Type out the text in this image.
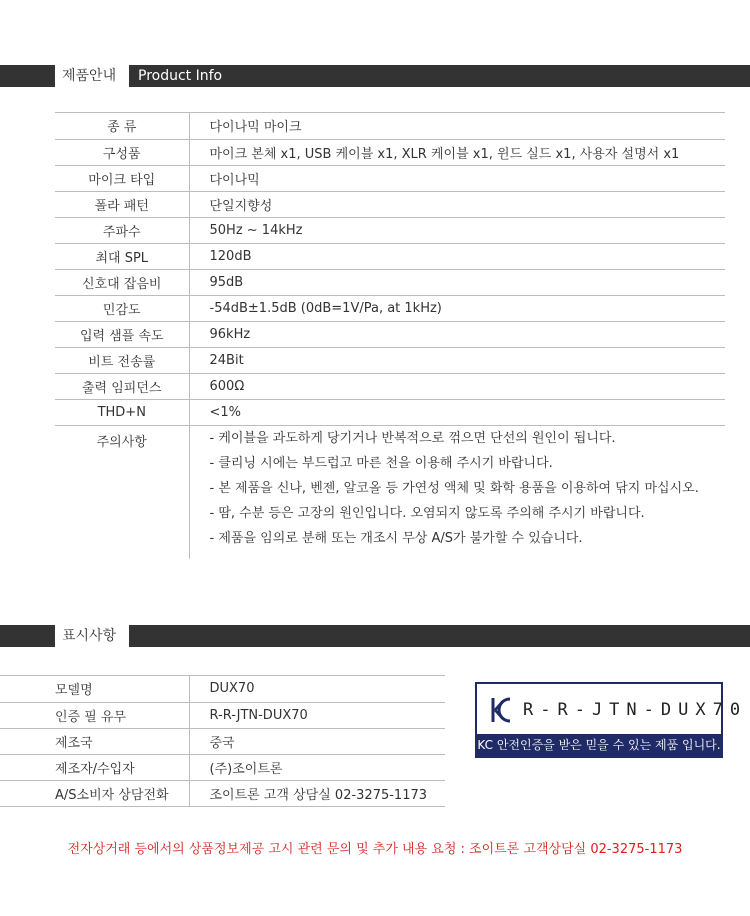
제품안내 Product Info
종 류	다이나믹 마이크
구성품	마이크 본체 x1, USB 케이블 x1, XLR 케이블 x1, 윈드 실드 x1, 사용자 설명서 x1
마이크 타입	다이나믹
폴라 패턴	단일지향성
주파수	50Hz ~ 14kHz
최대 SPL	120dB
신호대 잡음비	95dB
민감도	-54dB±1.5dB (0dB=1V/Pa, at 1kHz)
입력 샘플 속도	96kHz
비트 전송률	24Bit
출력 임피던스	600Ω
THD+N	<1%
주의사항	- 케이블을 과도하게 당기거나 반복적으로 꺾으면 단선의 원인이 됩니다.
- 클리닝 시에는 부드럽고 마른 천을 이용해 주시기 바랍니다.
- 본 제품을 신나, 벤젠, 알코올 등 가연성 액체 및 화학 용품을 이용하여 닦지 마십시오.
- 땀, 수분 등은 고장의 원인입니다. 오염되지 않도록 주의해 주시기 바랍니다.
- 제품을 임의로 분해 또는 개조시 무상 A/S가 불가할 수 있습니다.
표시사항
모델명	DUX70
인증 필 유무	R-R-JTN-DUX70
제조국	중국
제조자/수입자	(주)조이트론
A/S소비자 상담전화	조이트론 고객 상담실 02-3275-1173
R-R-JTN-DUX70
KC 안전인증을 받은 믿을 수 있는 제품 입니다.
전자상거래 등에서의 상품정보제공 고시 관련 문의 및 추가 내용 요청 : 조이트론 고객상담실 02-3275-1173
